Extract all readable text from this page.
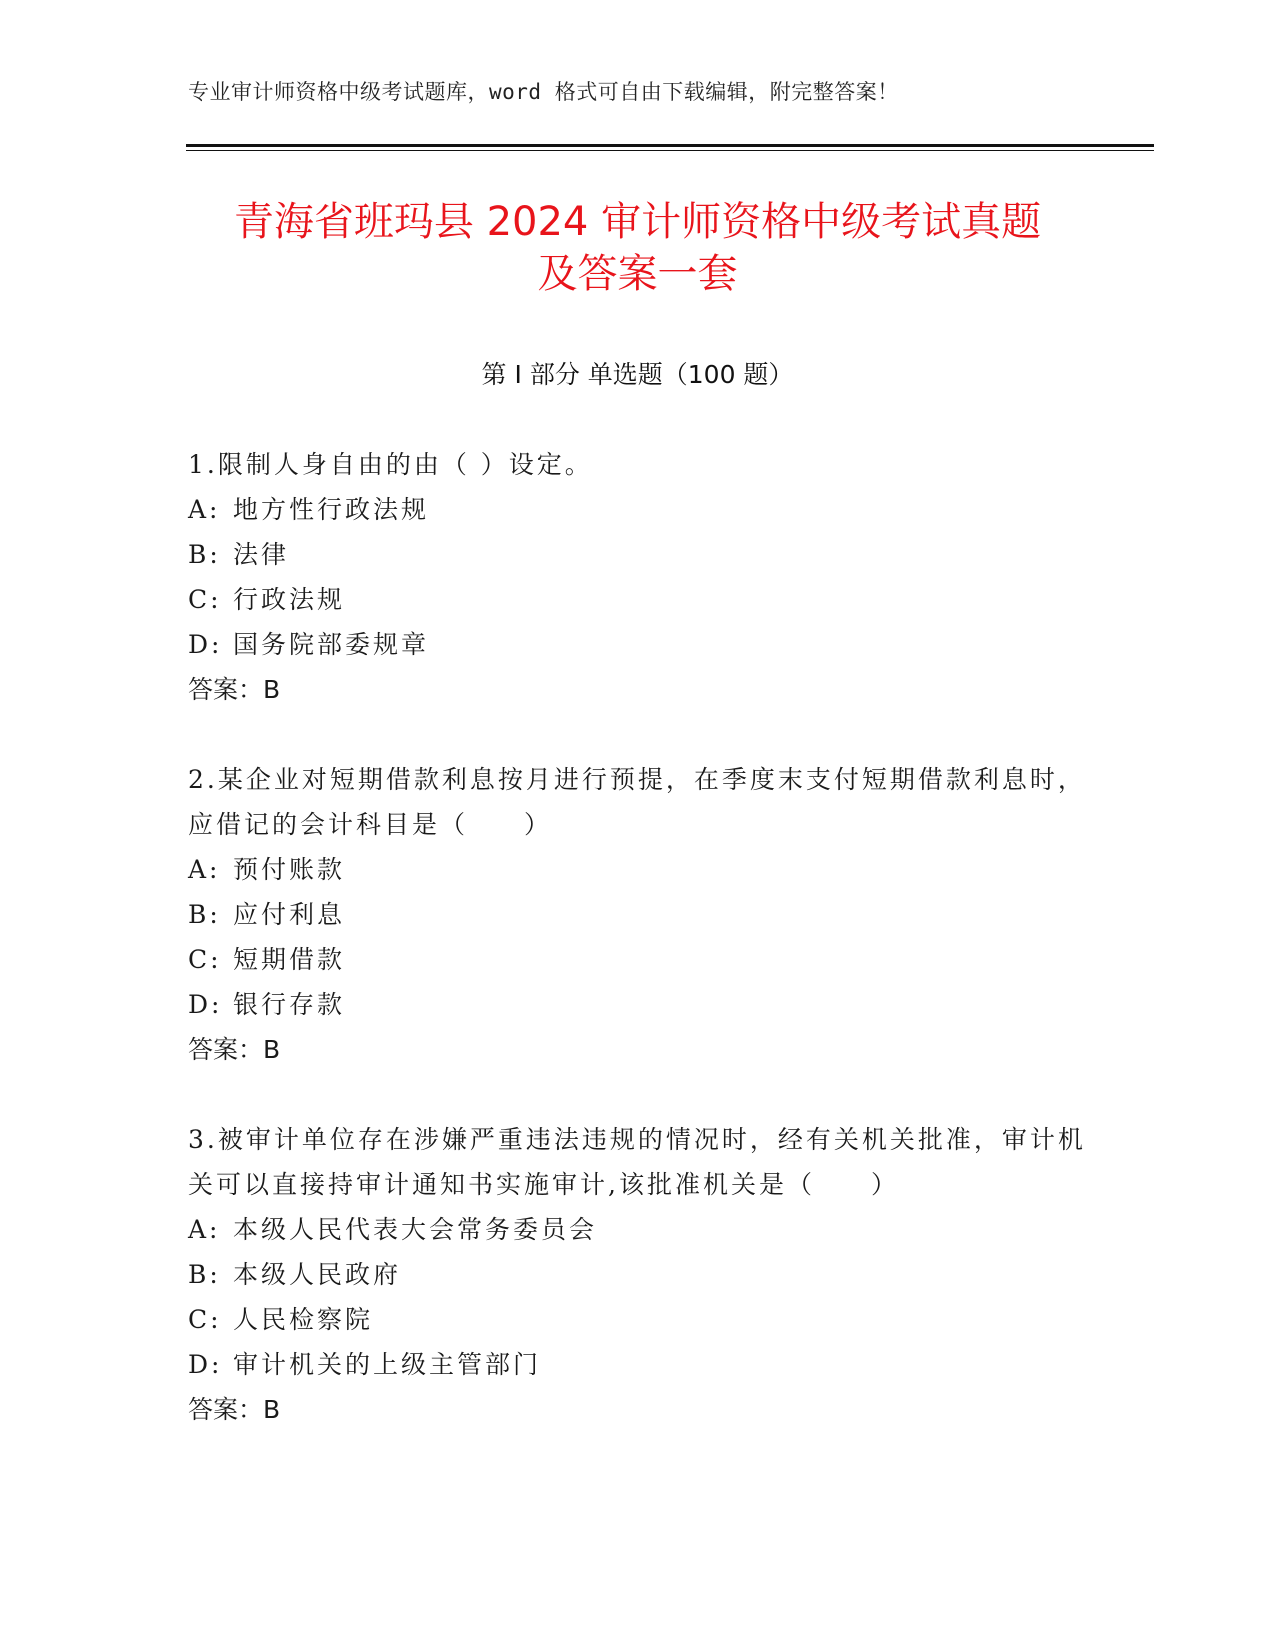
专业审计师资格中级考试题库，word 格式可自由下载编辑，附完整答案！
青海省班玛县 2024 审计师资格中级考试真题
及答案一套
第 I 部分 单选题（100 题）

1.限制人身自由的由（ ）设定。

A: 地方性行政法规
B: 法律
C: 行政法规
D: 国务院部委规章

答案：B

2.某企业对短期借款利息按月进行预提，在季度末支付短期借款利息时，应借记的会计科目是（　　）

A: 预付账款
B: 应付利息
C: 短期借款
D: 银行存款

答案：B

3.被审计单位存在涉嫌严重违法违规的情况时，经有关机关批准，审计机关可以直接持审计通知书实施审计,该批准机关是（　　）

A: 本级人民代表大会常务委员会
B: 本级人民政府
C: 人民检察院
D: 审计机关的上级主管部门

答案：B
